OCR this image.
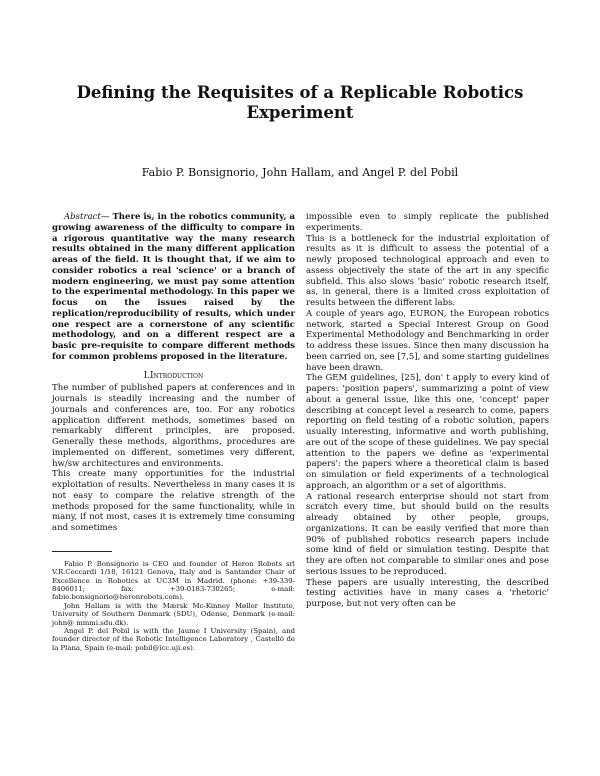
Defining the Requisites of a Replicable Robotics Experiment

Fabio P. Bonsignorio, John Hallam, and Angel P. del Pobil

Abstract— There is, in the robotics community, a growing awareness of the difficulty to compare in a rigorous quantitative way the many research results obtained in the many different application areas of the field. It is thought that, if we aim to consider robotics a real 'science' or a branch of modern engineering, we must pay some attention to the experimental methodology. In this paper we focus on the issues raised by the replication/reproducibility of results, which under one respect are a cornerstone of any scientific methodology, and on a different respect are a basic pre-requisite to compare different methods for common problems proposed in the literature.

I.Introduction

The number of published papers at conferences and in journals is steadily increasing and the number of journals and conferences are, too. For any robotics application different methods, sometimes based on remarkably different principles, are proposed. Generally these methods, algorithms, procedures are implemented on different, sometimes very different, hw/sw architectures and environments.

This create many opportunities for the industrial exploitation of results. Nevertheless in many cases it is not easy to compare the relative strength of the methods proposed for the same functionality, while in many, if not most, cases it is extremely time consuming and sometimes

Fabio P. Bonsignorio is CEO and founder of Heron Robots srl V.R.Ceccardi 1/18, 16121 Genova, Italy and is Santander Chair of Excellence in Robotics at UC3M in Madrid. (phone: +39-339-8406011; fax: +39-0183-730265; e-mail: fabio.bonsignorio@heronrobots.com).

John Hallam is with the Mærsk Mc-Kinney Møller Institute, University of Southern Denmark (SDU), Odense, Denmark (e-mail: john@ mmmi.sdu.dk).

Angel P. del Pobil is with the Jaume I University (Spain), and founder director of the Robotic Intelligence Laboratory , Castelló de la Plana, Spain (e-mail: pobil@icc.uji.es).

impossible even to simply replicate the published experiments.

This is a bottleneck for the industrial exploitation of results as it is difficult to assess the potential of a newly proposed technological approach and even to assess objectively the state of the art in any specific subfield. This also slows 'basic' robotic research itself, as, in general, there is a limited cross exploitation of results between the different labs.

A couple of years ago, EURON, the European robotics network, started a Special Interest Group on Good Experimental Methodology and Benchmarking in order to address these issues. Since then many discussion ha been carried on, see [7,5], and some starting guidelines have been drawn.

The GEM guidelines, [25], don' t apply to every kind of papers: 'position papers', summarizing a point of view about a general issue, like this one, 'concept' paper describing at concept level a research to come, papers reporting on field testing of a robotic solution, papers usually interesting, informative and worth publishing, are out of the scope of these guidelines. We pay special attention to the papers we define as 'experimental papers': the papers where a theoretical claim is based on simulation or field experiments of a technological approach, an algorithm or a set of algorithms.

A rational research enterprise should not start from scratch every time, but should build on the results already obtained by other people, groups, organizations. It can be easily verified that more than 90% of published robotics research papers include some kind of field or simulation testing. Despite that they are often not comparable to similar ones and pose serious issues to be reproduced.

These papers are usually interesting, the described testing activities have in many cases a 'rhetoric' purpose, but not very often can be
